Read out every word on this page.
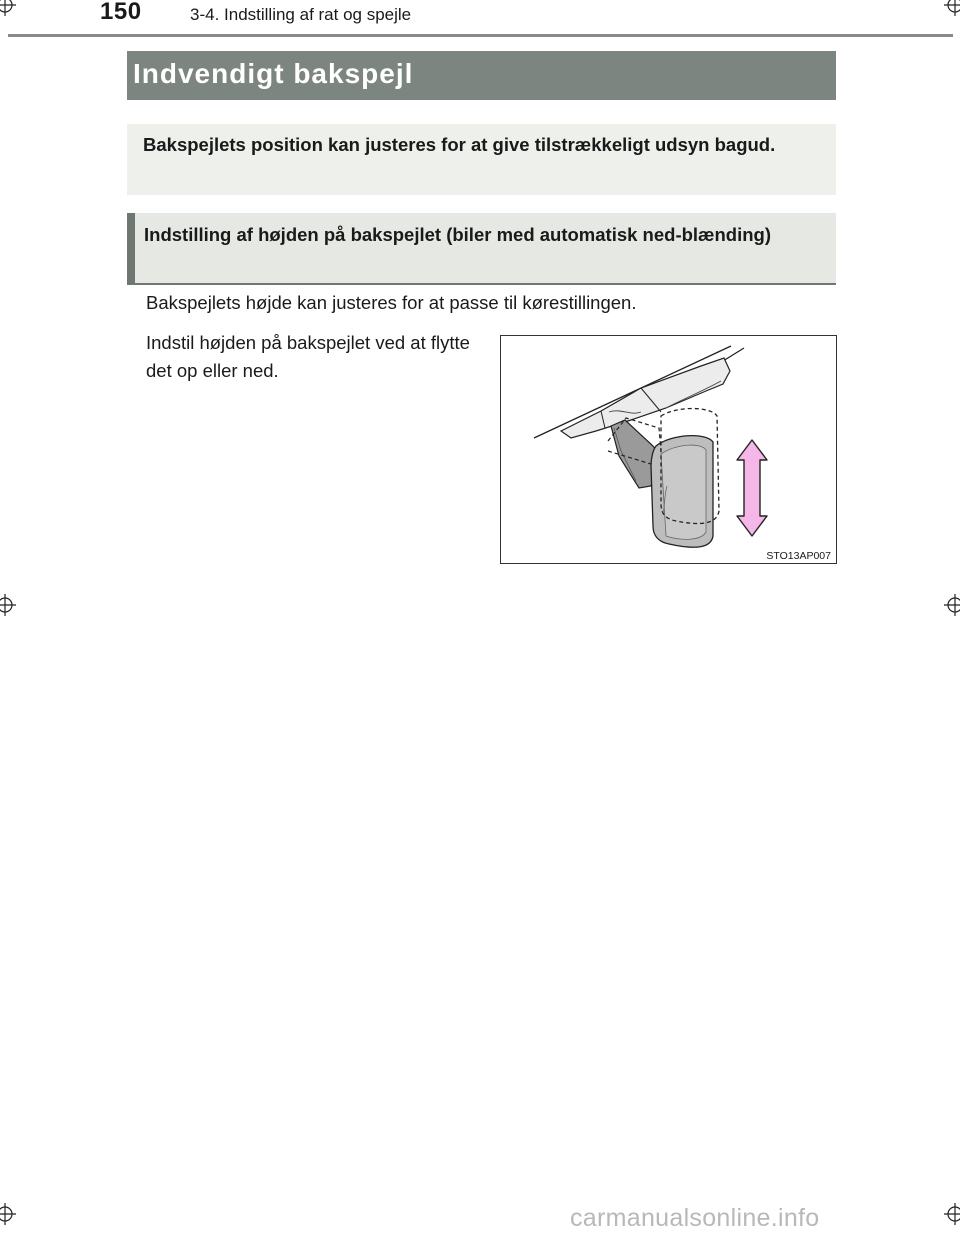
150	3-4. Indstilling af rat og spejle
Indvendigt bakspejl
Bakspejlets position kan justeres for at give tilstrækkeligt udsyn bagud.
Indstilling af højden på bakspejlet (biler med automatisk ned-blænding)
Bakspejlets højde kan justeres for at passe til kørestillingen.
Indstil højden på bakspejlet ved at flytte det op eller ned.
STO13AP007
carmanualsonline.info
